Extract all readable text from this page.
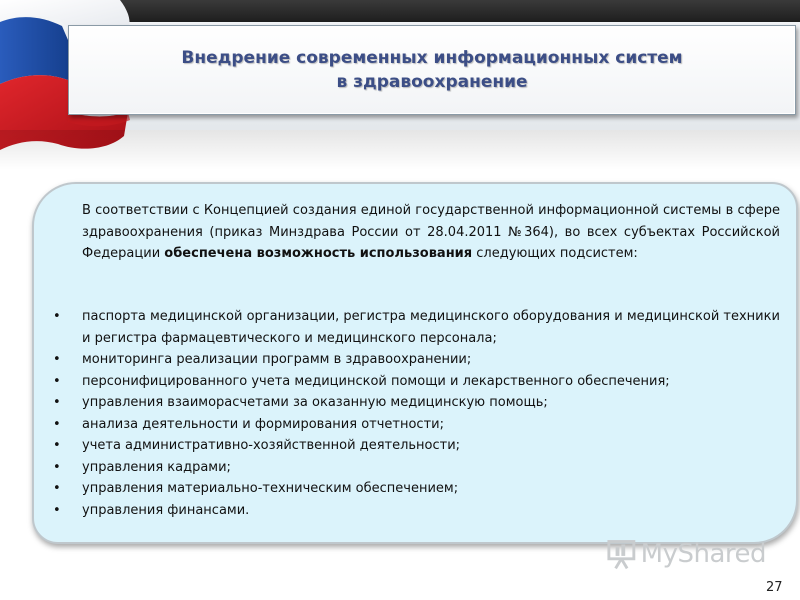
Внедрение современных информационных систем
в здравоохранение
В соответствии с Концепцией создания единой государственной информационной системы в сфере здравоохранения (приказ Минздрава России от 28.04.2011 №364), во всех субъектах Российской Федерации обеспечена возможность использования следующих подсистем:
• паспорта медицинской организации, регистра медицинского оборудования и медицинской техники и регистра фармацевтического и медицинского персонала;
• мониторинга реализации программ в здравоохранении;
• персонифицированного учета медицинской помощи и лекарственного обеспечения;
• управления взаиморасчетами за оказанную медицинскую помощь;
• анализа деятельности и формирования отчетности;
• учета административно-хозяйственной деятельности;
• управления кадрами;
• управления материально-техническим обеспечением;
• управления финансами.
MyShared
27
